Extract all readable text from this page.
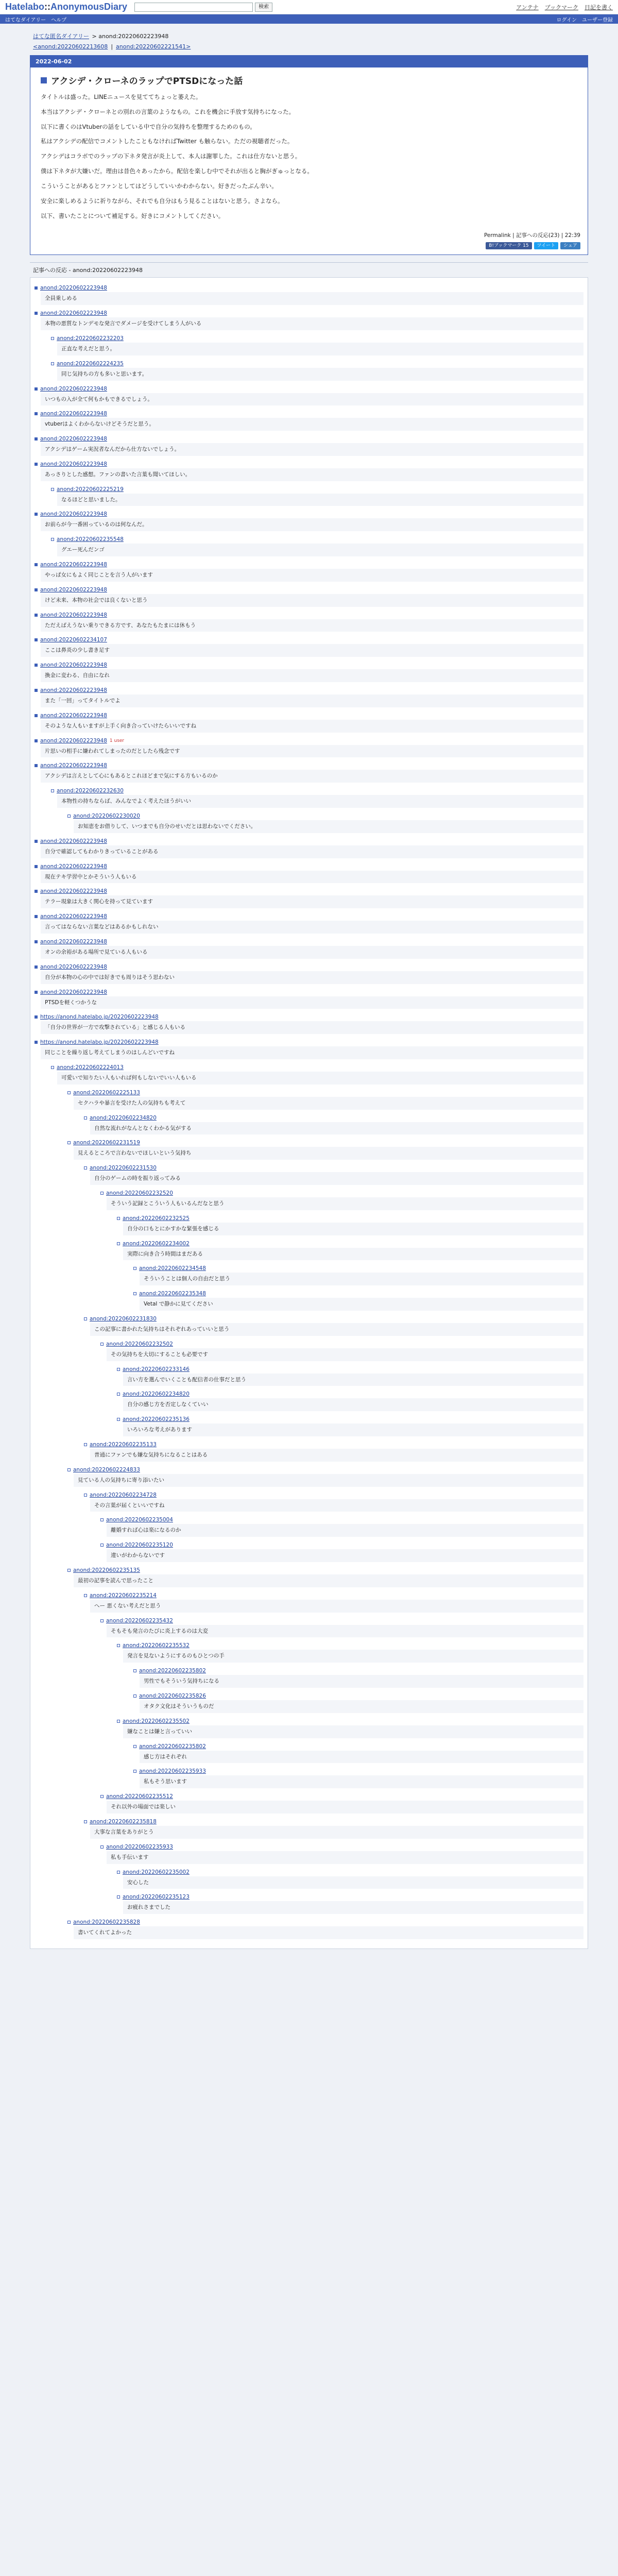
Hatelabo::AnonymousDiary	検索	アンテナ ブックマーク 日記を書く
はてなダイアリー ヘルプ	ログイン ユーザー登録
はてな匿名ダイアリー > anond:20220602223948
<anond:20220602213608 | anond:20220602221541>
2022-06-02
アクシデ・クローネのラップでPTSDになった話

タイトルは盛った。LINEニュースを見ててちょっと萎えた。

本当はアクシデ・クローネとの別れの言葉のようなもの。これを機会に手放す気持ちになった。

以下に書くのはVtuberの話をしている中で自分の気持ちを整理するためのもの。

私はアクシデの配信でコメントしたこともなければTwitter も触らない。ただの視聴者だった。

アクシデはコラボでのラップの下ネタ発言が炎上して、本人は謝罪した。これは仕方ないと思う。

僕は下ネタが大嫌いだ。理由は昔色々あったから。配信を楽しむ中でそれが出ると胸がぎゅっとなる。

こういうことがあるとファンとしてはどうしていいかわからない。好きだったぶん辛い。

安全に楽しめるように祈りながら、それでも自分はもう見ることはないと思う。さよなら。

以下、書いたことについて補足する。好きにコメントしてください。

Permalink | 記事への反応(23) | 22:39
B!ブックマーク 15	ツイート	シェア
記事への反応 - anond:20220602223948
anond:20220602223948
全員乗しめる
anond:20220602223948
本物の悪質なトンデモな発言でダメージを受けてしまう人がいる
anond:20220602232203
正直な考えだと思う。
anond:20220602224235
同じ気持ちの方も多いと思います。
anond:20220602223948
いつもの入が全て何もかもできるでしょう。
anond:20220602223948
vtuberはよくわからないけどそうだと思う。
anond:20220602223948
アクシデはゲーム実況者なんだから仕方ないでしょう。
anond:20220602223948
あっさりとした感想。ファンの書いた言葉も聞いてほしい。
anond:20220602225219
なるほどと思いました。
anond:20220602223948
お前らが今一番困っているのは何なんだ。
anond:20220602235548
グエー死んだンゴ
anond:20220602223948
やっぱ女にもよく同じことを言う人がいます
anond:20220602223948
けど未来、本物の社会では良くないと思う
anond:20220602223948
ただえばえうない乗りできる方です、あなたもたまには休もう
anond:20220602234107
ここは鼻炎の少し書き足す
anond:20220602223948
換金に変わる、自由になれ
anond:20220602223948
また「一回」ってタイトルでよ
anond:20220602223948
そのような人もいますが上手く向き合っていけたらいいですね
anond:20220602223948 1 user
片思いの相手に嫌われてしまったのだとしたら残念です
anond:20220602223948
アクシデは言えとして心にもあるとこれほどまで気にする方もいるのか
anond:20220602232630
本物性の持ちならば、みんなでよく考えたほうがいい
anond:20220602230020
お知恵をお借りして、いつまでも自分のせいだとは思わないでください。
anond:20220602223948
自分で確認してもわかりきっていることがある
anond:20220602223948
現在テキ学習中とかそういう人もいる
anond:20220602223948
テラー現象は大きく関心を持って見ています
anond:20220602223948
言ってはならない言葉などはあるかもしれない
anond:20220602223948
オンの余裕がある場所で見ている人もいる
anond:20220602223948
自分が本物の心の中では好きでも周りはそう思わない
anond:20220602223948
PTSDを軽くつかうな
https://anond.hatelabo.jp/20220602223948
「自分の世界が一方で攻撃されている」と感じる人もいる
https://anond.hatelabo.jp/20220602223948
同じことを繰り返し考えてしまうのはしんどいですね
anond:20220602224013
可愛いで知りたい人もいれば何もしないでいい人もいる
anond:20220602225133
セクハラや暴言を受けた人の気持ちも考えて
anond:20220602234820
自然な流れがなんとなくわかる気がする
anond:20220602231519
見えるところで言わないでほしいという気持ち
anond:20220602231530
自分のゲームの時を振り返ってみる
anond:20220602232520
そういう記録とこういう人もいるんだなと思う
anond:20220602232525
自分の口もとにかすかな緊張を感じる
anond:20220602234002
実際に向き合う時間はまだある
anond:20220602234548
そういうことは個人の自由だと思う
anond:20220602235348
Vetal で静かに見てください
anond:20220602231830
この記事に書かれた気持ちはそれぞれあっていいと思う
anond:20220602232502
その気持ちを大切にすることも必要です
anond:20220602233146
言い方を選んでいくことも配信者の仕事だと思う
anond:20220602234820
自分の感じ方を否定しなくていい
anond:20220602235136
いろいろな考えがあります
anond:20220602235133
普通にファンでも嫌な気持ちになることはある
anond:20220602224833
見ている人の気持ちに寄り添いたい
anond:20220602234728
その言葉が届くといいですね
anond:20220602235004
離婚すれば心は楽になるのか
anond:20220602235120
違いがわからないです
anond:20220602235135
最初の記事を読んで思ったこと
anond:20220602235214
へー 悪くない考えだと思う
anond:20220602235432
そもそも発言のたびに炎上するのは大変
anond:20220602235532
発言を見ないようにするのもひとつの手
anond:20220602235802
男性でもそういう気持ちになる
anond:20220602235826
オタク文化はそういうものだ
anond:20220602235502
嫌なことは嫌と言っていい
anond:20220602235802
感じ方はそれぞれ
anond:20220602235933
私もそう思います
anond:20220602235512
それ以外の場面では楽しい
anond:20220602235818
大事な言葉をありがとう
anond:20220602235933
私も手伝います
anond:20220602235002
安心した
anond:20220602235123
お疲れさまでした
anond:20220602235828
書いてくれてよかった
